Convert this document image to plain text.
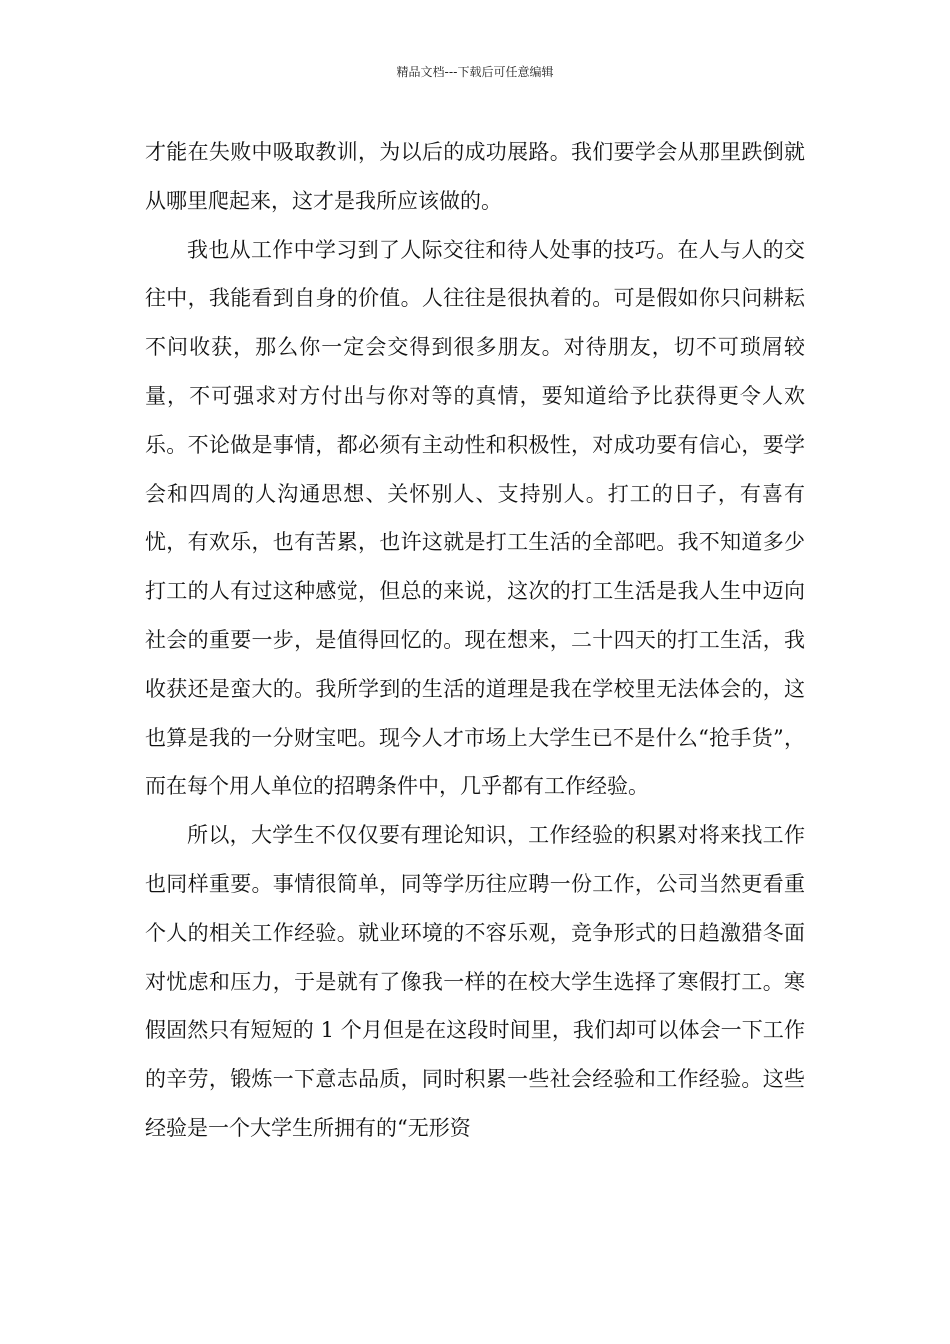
精品文档---下载后可任意编辑

才能在失败中吸取教训，为以后的成功展路。我们要学会从那里跌倒就从哪里爬起来，这才是我所应该做的。

我也从工作中学习到了人际交往和待人处事的技巧。在人与人的交往中，我能看到自身的价值。人往往是很执着的。可是假如你只问耕耘不问收获，那么你一定会交得到很多朋友。对待朋友，切不可琐屑较量，不可强求对方付出与你对等的真情，要知道给予比获得更令人欢乐。不论做是事情，都必须有主动性和积极性，对成功要有信心，要学会和四周的人沟通思想、关怀别人、支持别人。打工的日子，有喜有忧，有欢乐，也有苦累，也许这就是打工生活的全部吧。我不知道多少打工的人有过这种感觉，但总的来说，这次的打工生活是我人生中迈向社会的重要一步，是值得回忆的。现在想来，二十四天的打工生活，我收获还是蛮大的。我所学到的生活的道理是我在学校里无法体会的，这也算是我的一分财宝吧。现今人才市场上大学生已不是什么“抢手货”，而在每个用人单位的招聘条件中，几乎都有工作经验。

所以，大学生不仅仅要有理论知识，工作经验的积累对将来找工作也同样重要。事情很简单，同等学历往应聘一份工作，公司当然更看重个人的相关工作经验。就业环境的不容乐观，竞争形式的日趋激猎冬面对忧虑和压力，于是就有了像我一样的在校大学生选择了寒假打工。寒假固然只有短短的 1 个月但是在这段时间里，我们却可以体会一下工作的辛劳，锻炼一下意志品质，同时积累一些社会经验和工作经验。这些经验是一个大学生所拥有的“无形资
